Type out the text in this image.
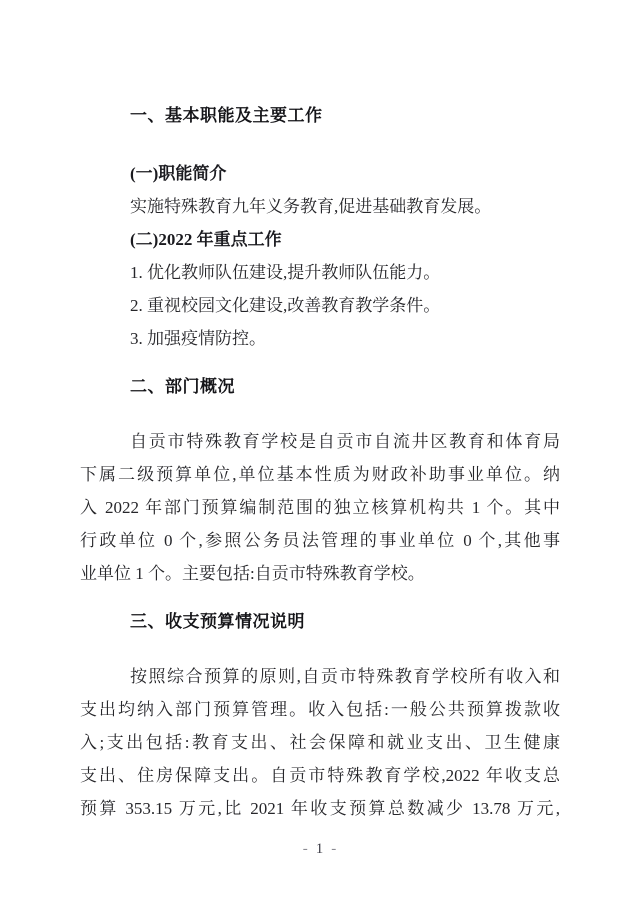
一、基本职能及主要工作
(一)职能简介
实施特殊教育九年义务教育,促进基础教育发展。
(二)2022 年重点工作
1. 优化教师队伍建设,提升教师队伍能力。
2. 重视校园文化建设,改善教育教学条件。
3. 加强疫情防控。
二、部门概况
自贡市特殊教育学校是自贡市自流井区教育和体育局
下属二级预算单位,单位基本性质为财政补助事业单位。纳
入 2022 年部门预算编制范围的独立核算机构共 1 个。其中
行政单位 0 个,参照公务员法管理的事业单位 0 个,其他事
业单位 1 个。主要包括:自贡市特殊教育学校。
三、收支预算情况说明
按照综合预算的原则,自贡市特殊教育学校所有收入和
支出均纳入部门预算管理。收入包括:一般公共预算拨款收
入;支出包括:教育支出、社会保障和就业支出、卫生健康
支出、住房保障支出。自贡市特殊教育学校,2022 年收支总
预算 353.15 万元,比 2021 年收支预算总数减少 13.78 万元,
- 1 -
